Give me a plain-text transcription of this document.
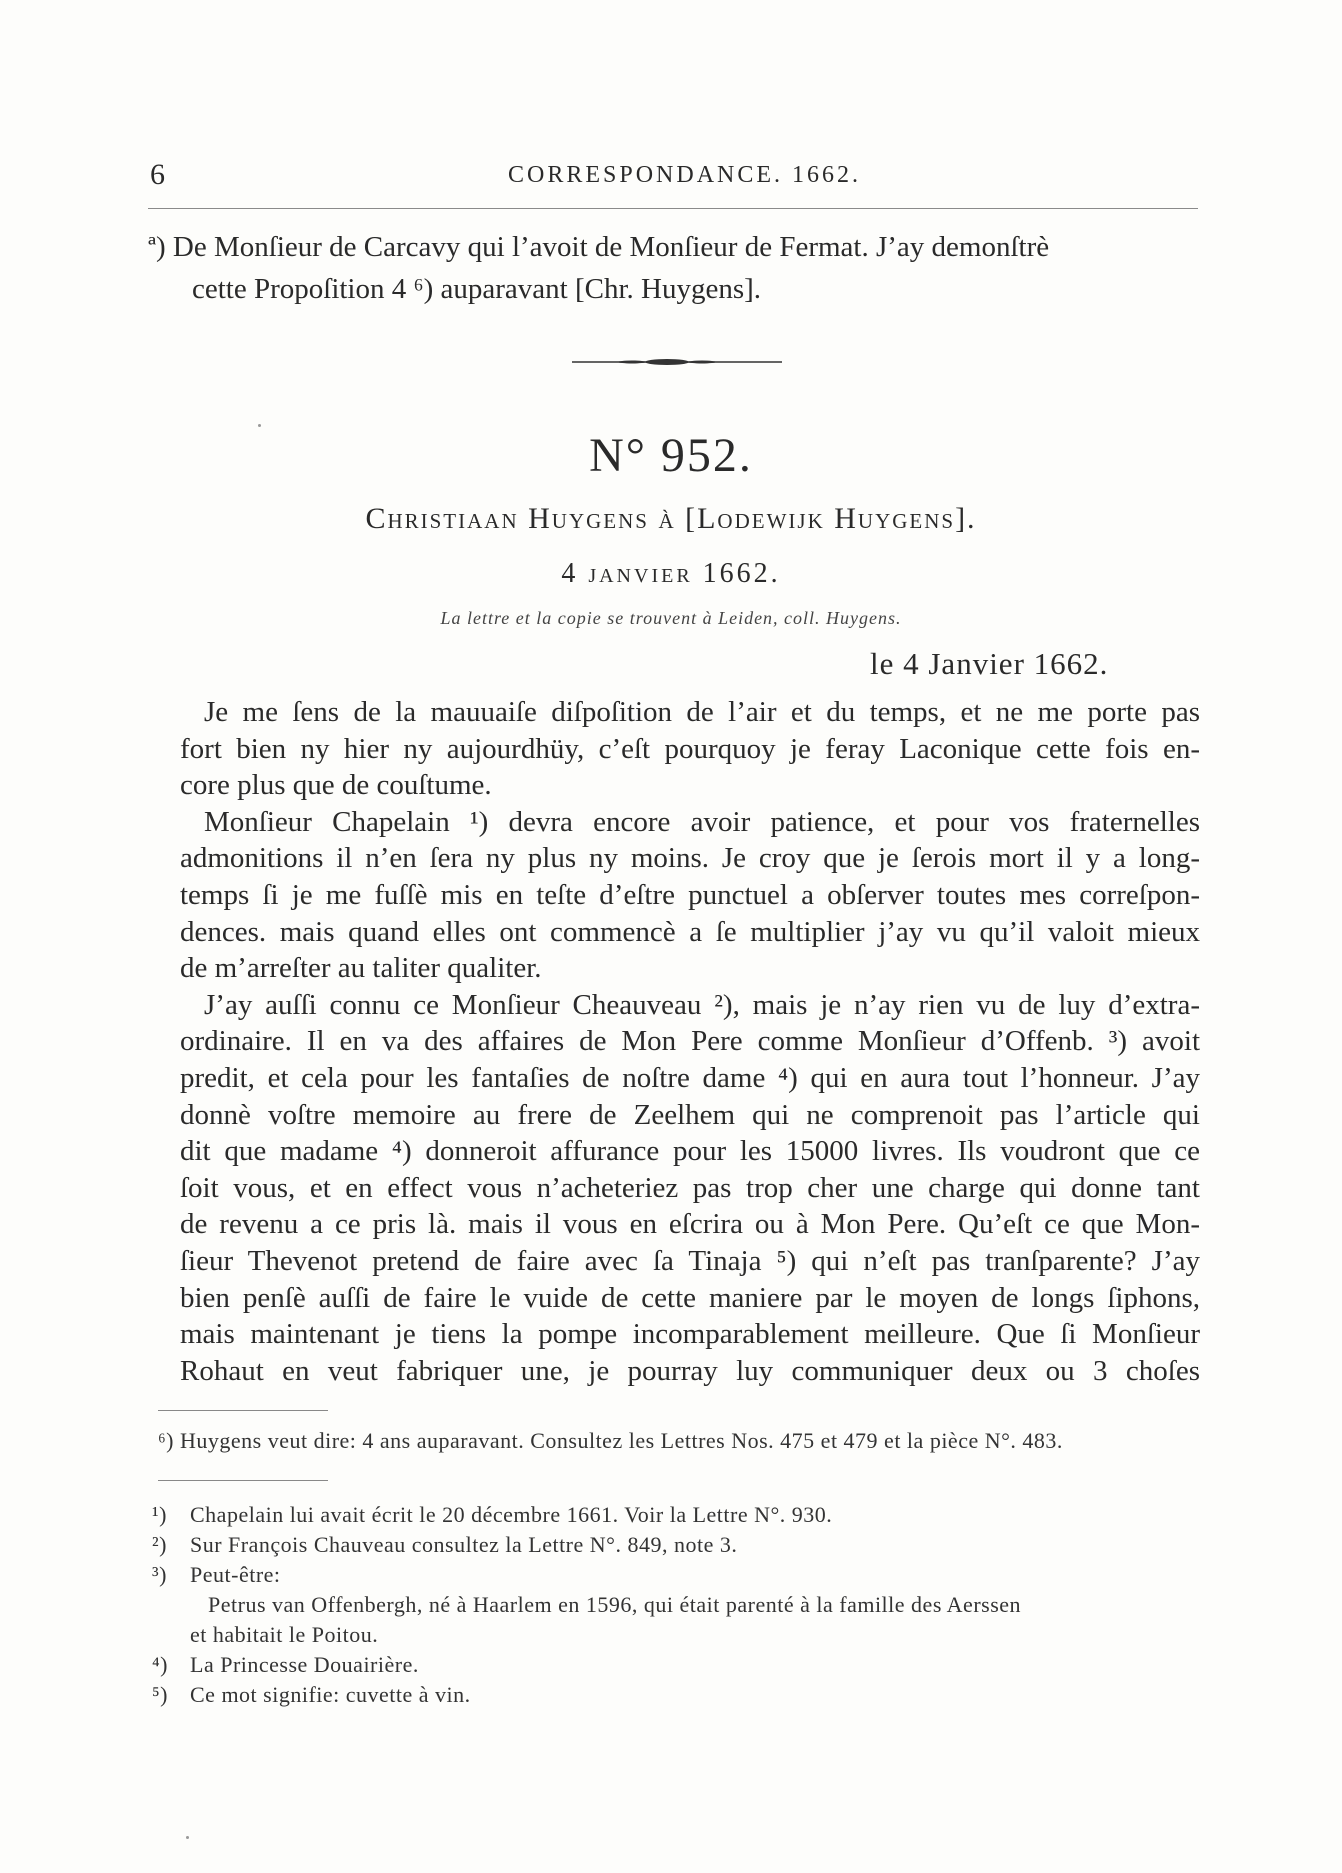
6	CORRESPONDANCE. 1662.

ª) De Monſieur de Carcavy qui l’avoit de Monſieur de Fermat. J’ay demonſtrè

cette Propoſition 4 ⁶) auparavant [Chr. Huygens].

N° 952.
Christiaan Huygens à [Lodewijk Huygens].
4 janvier 1662.
La lettre et la copie se trouvent à Leiden, coll. Huygens.
le 4 Janvier 1662.
Je me ſens de la mauuaiſe diſpoſition de l’air et du temps, et ne me porte pas
fort bien ny hier ny aujourdhüy, c’eſt pourquoy je feray Laconique cette fois en-
core plus que de couſtume.
Monſieur Chapelain ¹) devra encore avoir patience, et pour vos fraternelles
admonitions il n’en ſera ny plus ny moins. Je croy que je ſerois mort il y a long-
temps ſi je me fuſſè mis en teſte d’eſtre punctuel a obſerver toutes mes correſpon-
dences. mais quand elles ont commencè a ſe multiplier j’ay vu qu’il valoit mieux
de m’arreſter au taliter qualiter.
J’ay auſſi connu ce Monſieur Cheauveau ²), mais je n’ay rien vu de luy d’extra-
ordinaire. Il en va des affaires de Mon Pere comme Monſieur d’Offenb. ³) avoit
predit, et cela pour les fantaſies de noſtre dame ⁴) qui en aura tout l’honneur. J’ay
donnè voſtre memoire au frere de Zeelhem qui ne comprenoit pas l’article qui
dit que madame ⁴) donneroit affurance pour les 15000 livres. Ils voudront que ce
ſoit vous, et en effect vous n’acheteriez pas trop cher une charge qui donne tant
de revenu a ce pris là. mais il vous en eſcrira ou à Mon Pere. Qu’eſt ce que Mon-
ſieur Thevenot pretend de faire avec ſa Tinaja ⁵) qui n’eſt pas tranſparente? J’ay
bien penſè auſſi de faire le vuide de cette maniere par le moyen de longs ſiphons,
mais maintenant je tiens la pompe incomparablement meilleure. Que ſi Monſieur
Rohaut en veut fabriquer une, je pourray luy communiquer deux ou 3 choſes
⁶) Huygens veut dire: 4 ans auparavant. Consultez les Lettres Nos. 475 et 479 et la pièce N°. 483.

¹) Chapelain lui avait écrit le 20 décembre 1661. Voir la Lettre N°. 930.

²) Sur François Chauveau consultez la Lettre N°. 849, note 3.

³) Peut-être:

Petrus van Offenbergh, né à Haarlem en 1596, qui était parenté à la famille des Aerssen

et habitait le Poitou.

⁴) La Princesse Douairière.

⁵) Ce mot signifie: cuvette à vin.
